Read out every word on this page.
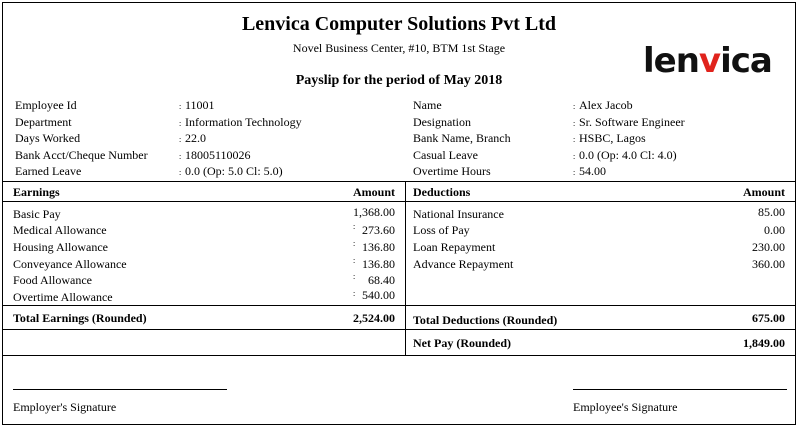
Lenvica Computer Solutions Pvt Ltd
Novel Business Center, #10, BTM 1st Stage	lenvica
Payslip for the period of May 2018
Employee Id	: 11001
Department	: Information Technology
Days Worked	: 22.0
Bank Acct/Cheque Number	: 18005110026
Earned Leave	: 0.0 (Op: 5.0 Cl: 5.0)
Name	: Alex Jacob
Designation	: Sr. Software Engineer
Bank Name, Branch	: HSBC, Lagos
Casual Leave	: 0.0 (Op: 4.0 Cl: 4.0)
Overtime Hours	: 54.00
Earnings	Amount Deductions	Amount
Basic Pay	1,368.00
Medical Allowance	: 273.60
Housing Allowance	: 136.80
Conveyance Allowance	: 136.80
Food Allowance	:	68.40
Overtime Allowance	: 540.00
National Insurance	85.00
Loss of Pay	0.00
Loan Repayment	230.00
Advance Repayment	360.00
Total Earnings (Rounded)	2,524.00 Total Deductions (Rounded)	675.00
Net Pay (Rounded)	1,849.00
Employer's Signature	Employee's Signature
